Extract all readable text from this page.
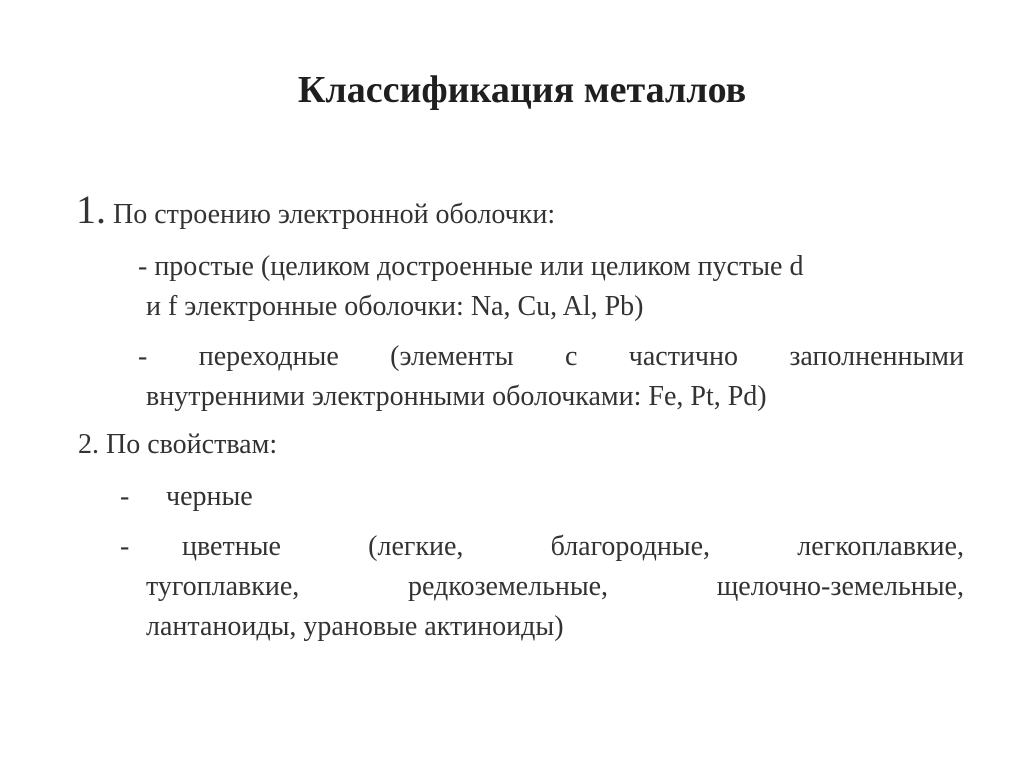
Классификация металлов
1. По строению электронной оболочки:
- простые (целиком достроенные или целиком пустые d
и f электронные оболочки: Na, Cu, Al, Pb)
- переходные (элементы с частично заполненными
внутренними электронными оболочками: Fe, Pt, Pd)
2. По свойствам:
- черные
- цветные	(легкие,	благородные,	легкоплавкие,
тугоплавкие,	редкоземельные,	щелочно-земельные,
лантаноиды, урановые актиноиды)
